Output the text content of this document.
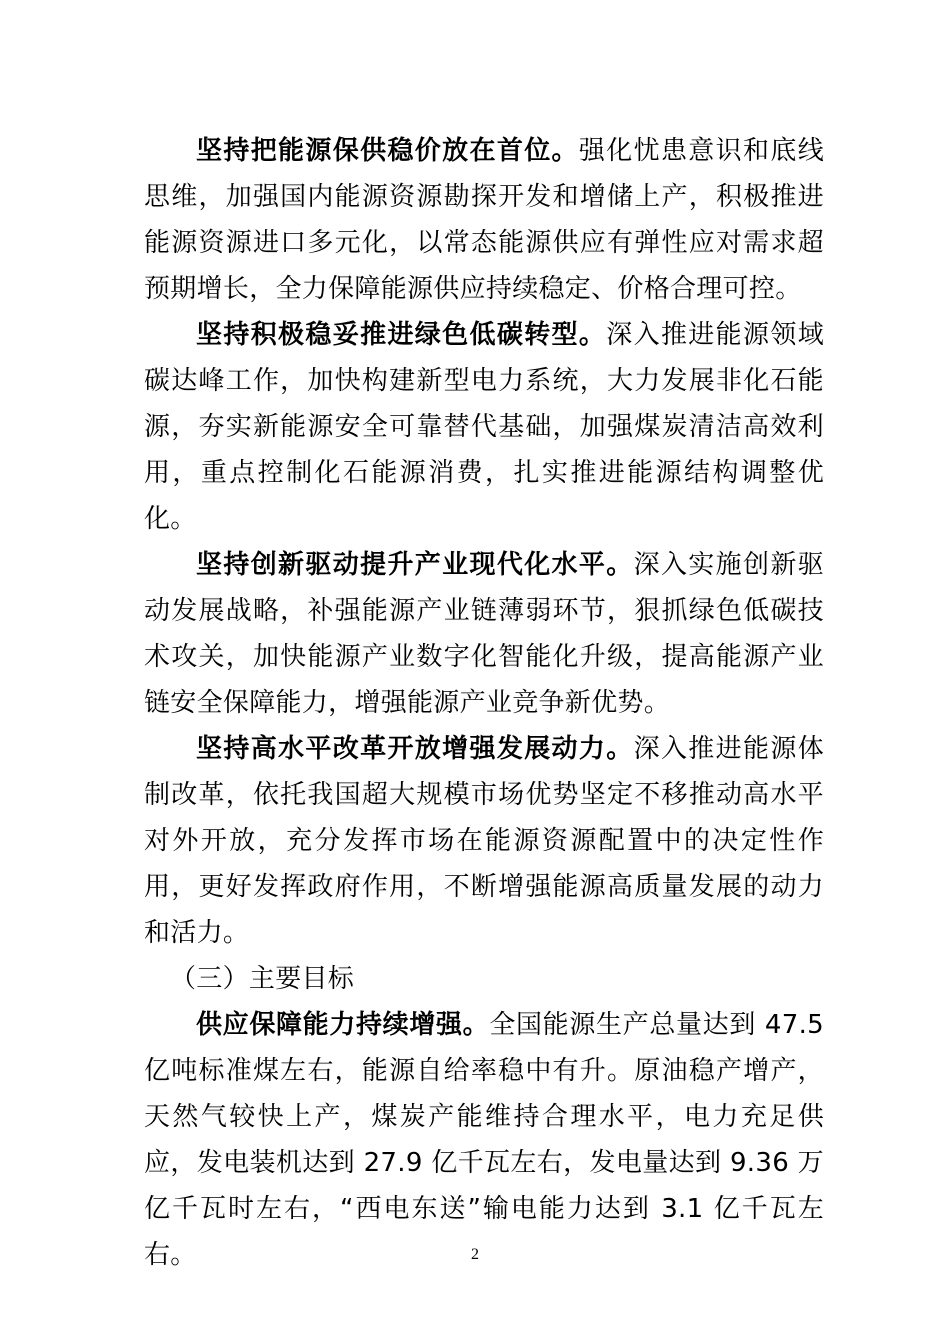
坚持把能源保供稳价放在首位。强化忧患意识和底线思维，加强国内能源资源勘探开发和增储上产，积极推进能源资源进口多元化，以常态能源供应有弹性应对需求超预期增长，全力保障能源供应持续稳定、价格合理可控。

坚持积极稳妥推进绿色低碳转型。深入推进能源领域碳达峰工作，加快构建新型电力系统，大力发展非化石能源，夯实新能源安全可靠替代基础，加强煤炭清洁高效利用，重点控制化石能源消费，扎实推进能源结构调整优化。

坚持创新驱动提升产业现代化水平。深入实施创新驱动发展战略，补强能源产业链薄弱环节，狠抓绿色低碳技术攻关，加快能源产业数字化智能化升级，提高能源产业链安全保障能力，增强能源产业竞争新优势。

坚持高水平改革开放增强发展动力。深入推进能源体制改革，依托我国超大规模市场优势坚定不移推动高水平对外开放，充分发挥市场在能源资源配置中的决定性作用，更好发挥政府作用，不断增强能源高质量发展的动力和活力。

（三）主要目标

供应保障能力持续增强。全国能源生产总量达到 47.5 亿吨标准煤左右，能源自给率稳中有升。原油稳产增产，天然气较快上产，煤炭产能维持合理水平，电力充足供应，发电装机达到 27.9 亿千瓦左右，发电量达到 9.36 万亿千瓦时左右，“西电东送”输电能力达到 3.1 亿千瓦左右。	2
